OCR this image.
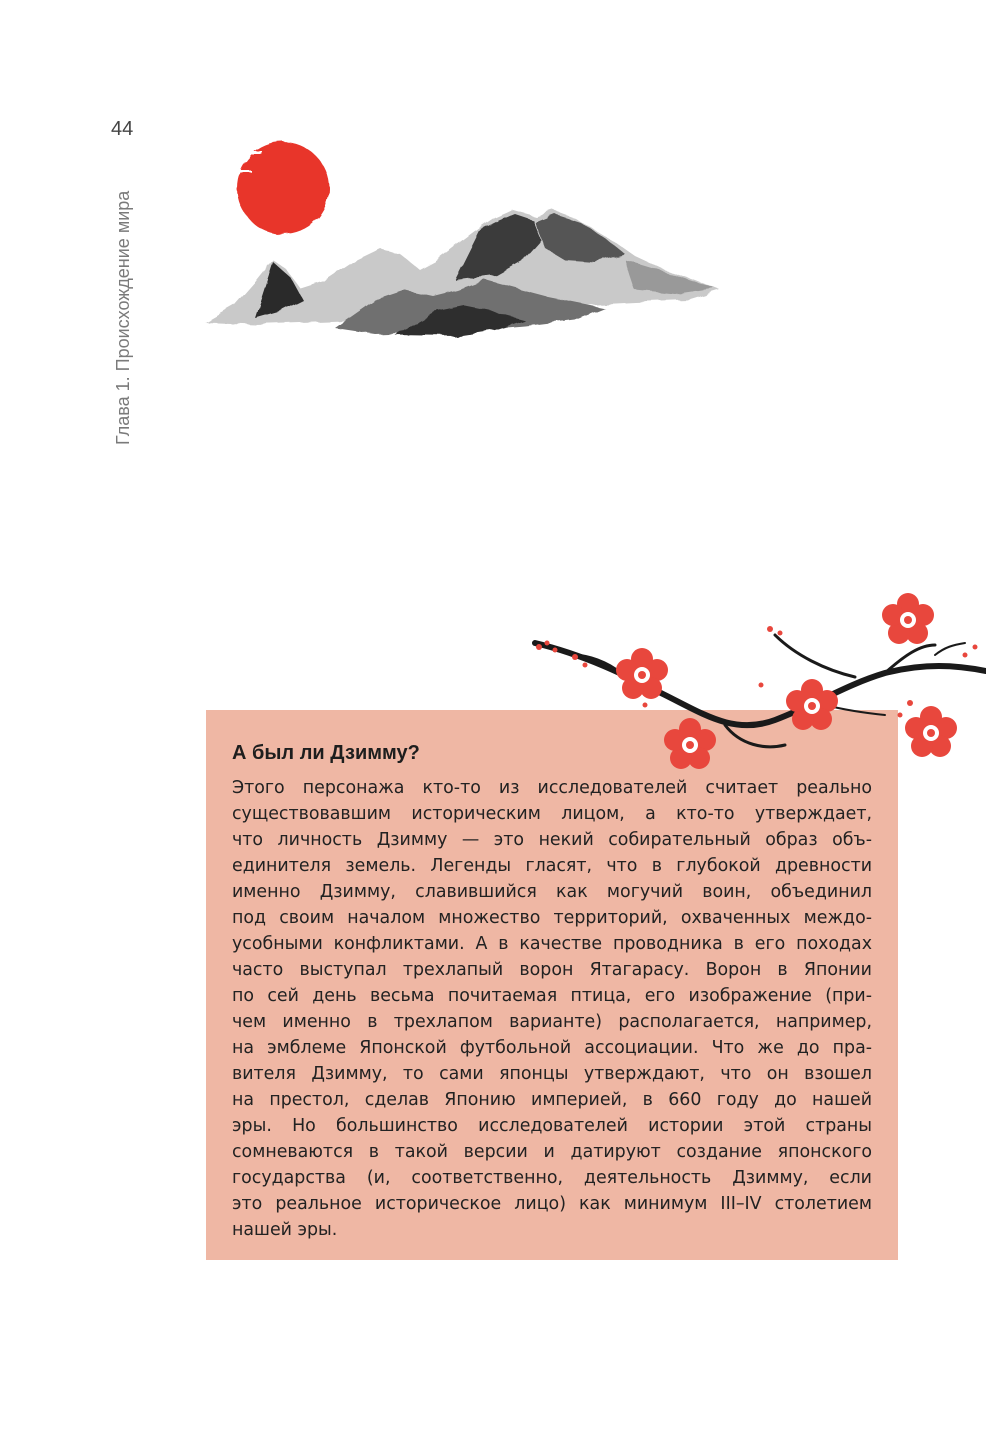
44
Глава 1. Происхождение мира
А был ли Дзимму?
Этого персонажа кто-то из исследователей считает реально
существовавшим историческим лицом, а кто-то утверждает,
что личность Дзимму — это некий собирательный образ объ-
единителя земель. Легенды гласят, что в глубокой древности
именно Дзимму, славившийся как могучий воин, объединил
под своим началом множество территорий, охваченных междо-
усобными конфликтами. А в качестве проводника в его походах
часто выступал трехлапый ворон Ятагарасу. Ворон в Японии
по сей день весьма почитаемая птица, его изображение (при-
чем именно в трехлапом варианте) располагается, например,
на эмблеме Японской футбольной ассоциации. Что же до пра-
вителя Дзимму, то сами японцы утверждают, что он взошел
на престол, сделав Японию империей, в 660 году до нашей
эры. Но большинство исследователей истории этой страны
сомневаются в такой версии и датируют создание японского
государства (и, соответственно, деятельность Дзимму, если
это реальное историческое лицо) как минимум III–IV столетием
нашей эры.
